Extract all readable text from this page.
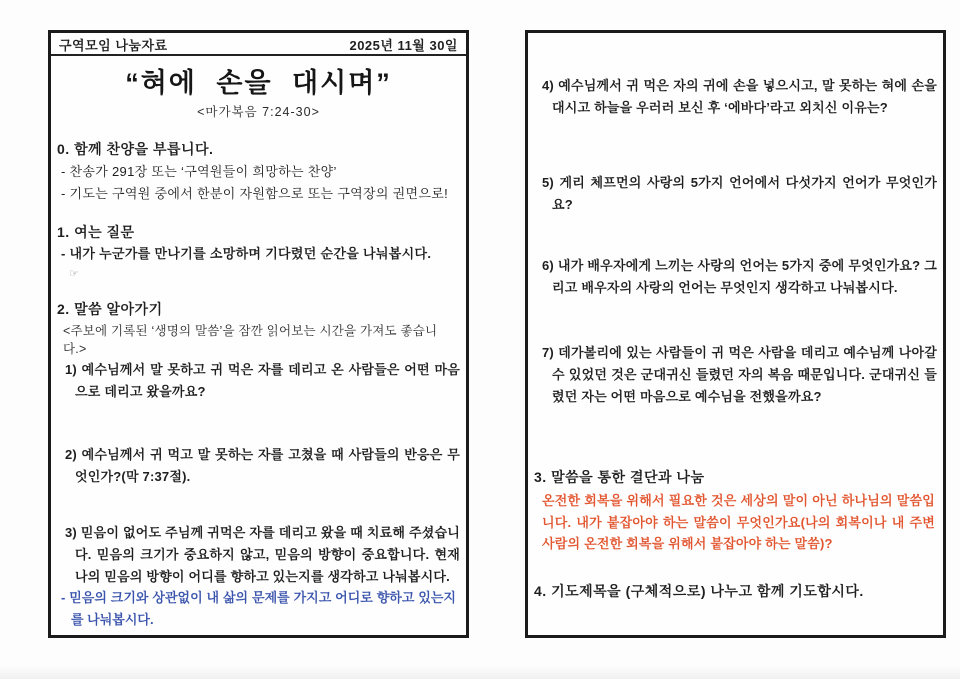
구역모임 나눔자료	2025년 11월 30일
“혀에 손을 대시며”
<마가복음 7:24-30>
0. 함께 찬양을 부릅니다.
- 찬송가 291장 또는 ‘구역원들이 희망하는 찬양’
- 기도는 구역원 중에서 한분이 자원함으로 또는 구역장의 권면으로!
1. 여는 질문
- 내가 누군가를 만나기를 소망하며 기다렸던 순간을 나눠봅시다.
☞
2. 말씀 알아가기
<주보에 기록된 ‘생명의 말씀’을 잠깐 읽어보는 시간을 가져도 좋습니다.>
1) 예수님께서 말 못하고 귀 먹은 자를 데리고 온 사람들은 어떤 마음으로 데리고 왔을까요?
2) 예수님께서 귀 먹고 말 못하는 자를 고쳤을 때 사람들의 반응은 무엇인가?(막 7:37절).
3) 믿음이 없어도 주님께 귀먹은 자를 데리고 왔을 때 치료해 주셨습니다. 믿음의 크기가 중요하지 않고, 믿음의 방향이 중요합니다. 현재 나의 믿음의 방향이 어디를 향하고 있는지를 생각하고 나눠봅시다.
- 믿음의 크기와 상관없이 내 삶의 문제를 가지고 어디로 향하고 있는지를 나눠봅시다.
4) 예수님께서 귀 먹은 자의 귀에 손을 넣으시고, 말 못하는 혀에 손을 대시고 하늘을 우러러 보신 후 ‘에바다’라고 외치신 이유는?
5) 게리 체프먼의 사랑의 5가지 언어에서 다섯가지 언어가 무엇인가요?
6) 내가 배우자에게 느끼는 사랑의 언어는 5가지 중에 무엇인가요? 그리고 배우자의 사랑의 언어는 무엇인지 생각하고 나눠봅시다.
7) 데가볼리에 있는 사람들이 귀 먹은 사람을 데리고 예수님께 나아갈 수 있었던 것은 군대귀신 들렸던 자의 복음 때문입니다. 군대귀신 들렸던 자는 어떤 마음으로 예수님을 전했을까요?
3. 말씀을 통한 결단과 나눔
온전한 회복을 위해서 필요한 것은 세상의 말이 아닌 하나님의 말씀입니다. 내가 붙잡아야 하는 말씀이 무엇인가요(나의 회복이나 내 주변 사람의 온전한 회복을 위해서 붙잡아야 하는 말씀)?
4. 기도제목을 (구체적으로) 나누고 함께 기도합시다.
